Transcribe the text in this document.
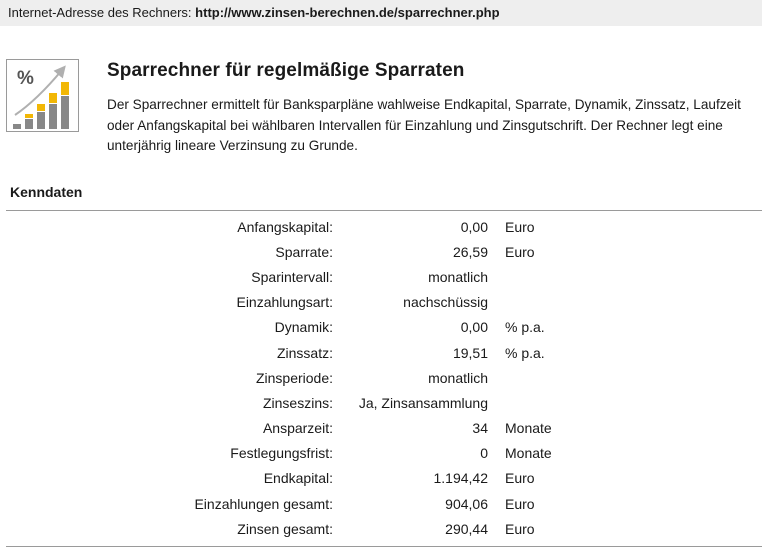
Internet-Adresse des Rechners: http://www.zinsen-berechnen.de/sparrechner.php
%	Sparrechner für regelmäßige Sparraten
Der Sparrechner ermittelt für Banksparpläne wahlweise Endkapital, Sparrate, Dynamik, Zinssatz, Laufzeit oder Anfangskapital bei wählbaren Intervallen für Einzahlung und Zinsgutschrift. Der Rechner legt eine unterjährig lineare Verzinsung zu Grunde.
Kenndaten
Anfangskapital:	0,00	Euro
Sparrate:	26,59	Euro
Sparintervall:	monatlich	
Einzahlungsart:	nachschüssig	
Dynamik:	0,00	% p.a.
Zinssatz:	19,51	% p.a.
Zinsperiode:	monatlich	
Zinseszins:	Ja, Zinsansammlung	
Ansparzeit:	34	Monate
Festlegungsfrist:	0	Monate
Endkapital:	1.194,42	Euro
Einzahlungen gesamt:	904,06	Euro
Zinsen gesamt:	290,44	Euro
